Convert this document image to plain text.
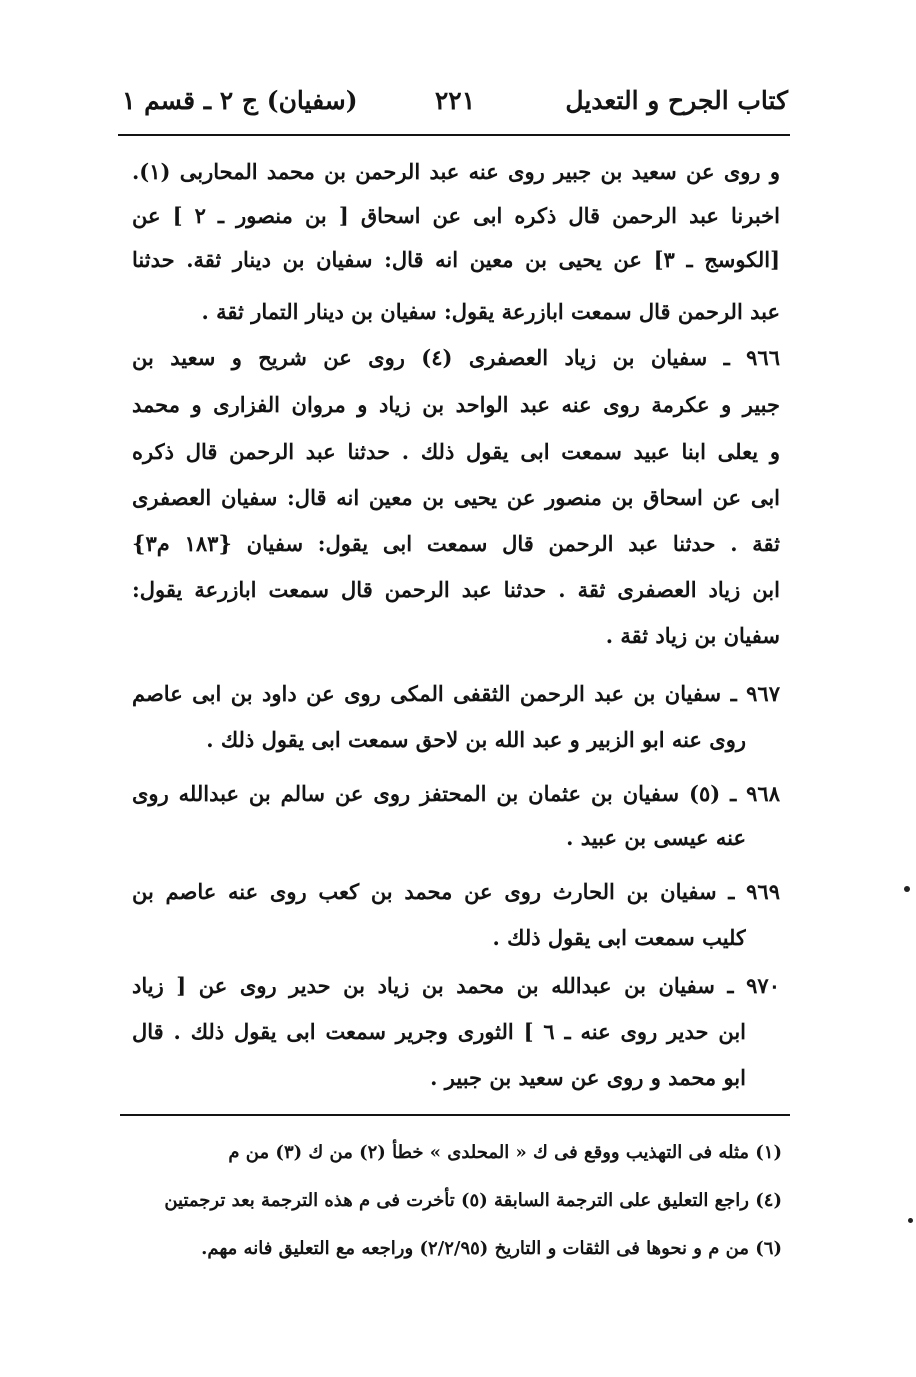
كتاب الجرح و التعديل
٢٢١
(سفيان) ج ٢ ـ قسم ١
و روى عن سعيد بن جبير روى عنه عبد الرحمن بن محمد المحاربى (١).
اخبرنا عبد الرحمن قال ذكره ابى عن اسحاق [ بن منصور ـ ٢ ] عن
[الكوسج ـ ٣] عن يحيى بن معين انه قال: سفيان بن دينار ثقة. حدثنا
عبد الرحمن قال سمعت ابازرعة يقول: سفيان بن دينار التمار ثقة .
٩٦٦ ـ سفيان بن زياد العصفرى (٤) روى عن شريح و سعيد بن
جبير و عكرمة روى عنه عبد الواحد بن زياد و مروان الفزارى و محمد
و يعلى ابنا عبيد سمعت ابى يقول ذلك . حدثنا عبد الرحمن قال ذكره
ابى عن اسحاق بن منصور عن يحيى بن معين انه قال: سفيان العصفرى
ثقة . حدثنا عبد الرحمن قال سمعت ابى يقول: سفيان {١٨٣ م٣}
ابن زياد العصفرى ثقة . حدثنا عبد الرحمن قال سمعت ابازرعة يقول:
سفيان بن زياد ثقة .
٩٦٧ ـ سفيان بن عبد الرحمن الثقفى المكى روى عن داود بن ابى عاصم
روى عنه ابو الزبير و عبد الله بن لاحق سمعت ابى يقول ذلك .
٩٦٨ ـ (٥) سفيان بن عثمان بن المحتفز روى عن سالم بن عبدالله روى
عنه عيسى بن عبيد .
٩٦٩ ـ سفيان بن الحارث روى عن محمد بن كعب روى عنه عاصم بن
كليب سمعت ابى يقول ذلك .
٩٧٠ ـ سفيان بن عبدالله بن محمد بن زياد بن حدير روى عن [ زياد
ابن حدير روى عنه ـ ٦ ] الثورى وجرير سمعت ابى يقول ذلك . قال
ابو محمد و روى عن سعيد بن جبير .
(١) مثله فى التهذيب ووقع فى ك « المحلدى » خطأ (٢) من ك (٣) من م
(٤) راجع التعليق على الترجمة السابقة (٥) تأخرت فى م هذه الترجمة بعد ترجمتين
(٦) من م و نحوها فى الثقات و التاريخ (٢/٢/٩٥) وراجعه مع التعليق فانه مهم.
